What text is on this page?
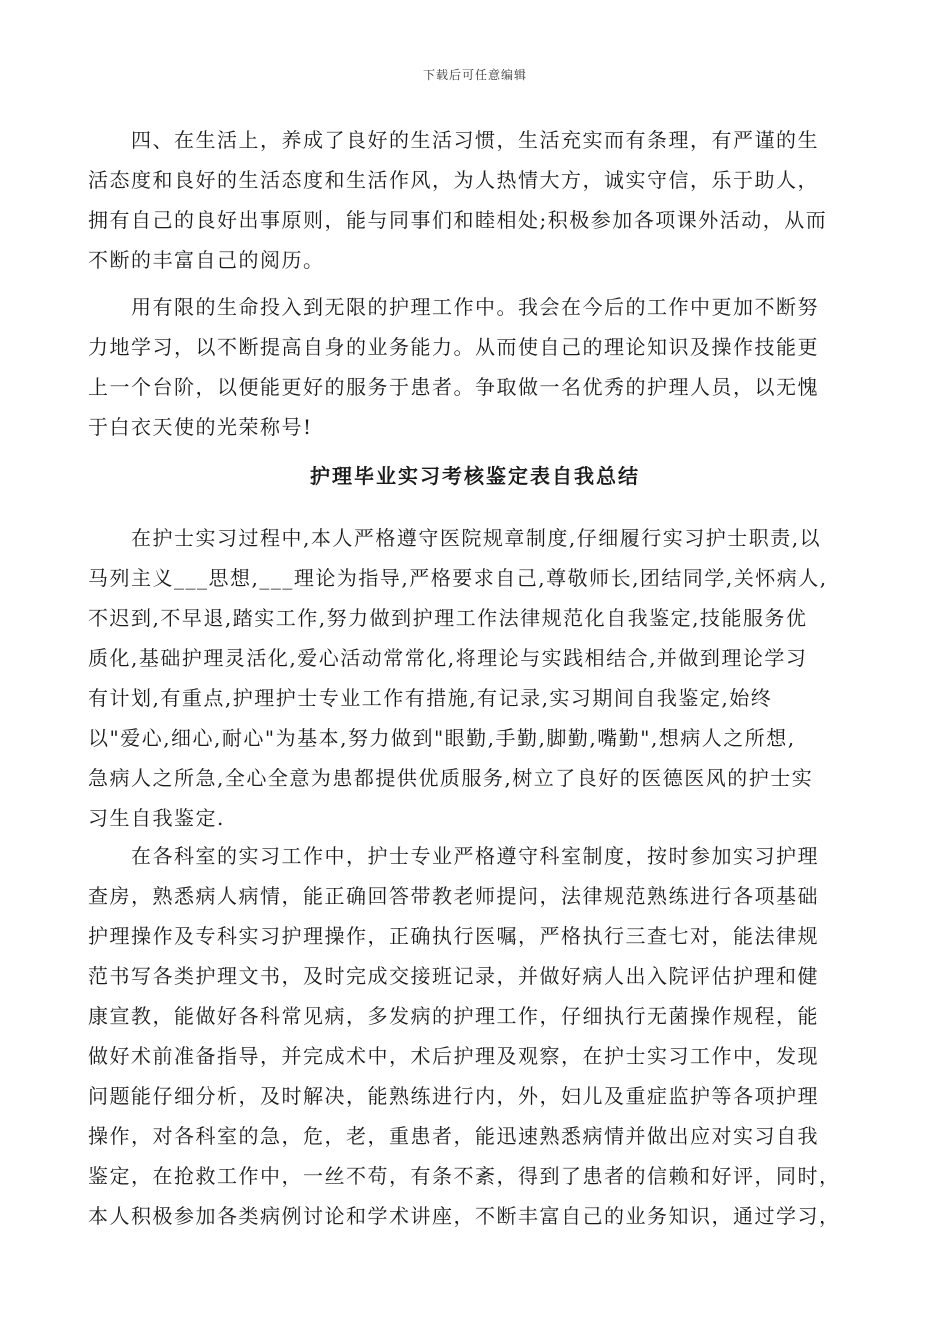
下载后可任意编辑
　　四、在生活上，养成了良好的生活习惯，生活充实而有条理，有严谨的生
活态度和良好的生活态度和生活作风，为人热情大方，诚实守信，乐于助人，
拥有自己的良好出事原则，能与同事们和睦相处;积极参加各项课外活动，从而
不断的丰富自己的阅历。
　　用有限的生命投入到无限的护理工作中。我会在今后的工作中更加不断努
力地学习，以不断提高自身的业务能力。从而使自己的理论知识及操作技能更
上一个台阶，以便能更好的服务于患者。争取做一名优秀的护理人员，以无愧
于白衣天使的光荣称号!
护理毕业实习考核鉴定表自我总结
　　在护士实习过程中,本人严格遵守医院规章制度,仔细履行实习护士职责,以
马列主义___思想,___理论为指导,严格要求自己,尊敬师长,团结同学,关怀病人,
不迟到,不早退,踏实工作,努力做到护理工作法律规范化自我鉴定,技能服务优
质化,基础护理灵活化,爱心活动常常化,将理论与实践相结合,并做到理论学习
有计划,有重点,护理护士专业工作有措施,有记录,实习期间自我鉴定,始终
以"爱心,细心,耐心"为基本,努力做到"眼勤,手勤,脚勤,嘴勤",想病人之所想,
急病人之所急,全心全意为患都提供优质服务,树立了良好的医德医风的护士实
习生自我鉴定.
　　在各科室的实习工作中，护士专业严格遵守科室制度，按时参加实习护理
查房，熟悉病人病情，能正确回答带教老师提问，法律规范熟练进行各项基础
护理操作及专科实习护理操作，正确执行医嘱，严格执行三查七对，能法律规
范书写各类护理文书，及时完成交接班记录，并做好病人出入院评估护理和健
康宣教，能做好各科常见病，多发病的护理工作，仔细执行无菌操作规程，能
做好术前准备指导，并完成术中，术后护理及观察，在护士实习工作中，发现
问题能仔细分析，及时解决，能熟练进行内，外，妇儿及重症监护等各项护理
操作，对各科室的急，危，老，重患者，能迅速熟悉病情并做出应对实习自我
鉴定，在抢救工作中，一丝不苟，有条不紊，得到了患者的信赖和好评，同时，
本人积极参加各类病例讨论和学术讲座，不断丰富自己的业务知识，通过学习，
